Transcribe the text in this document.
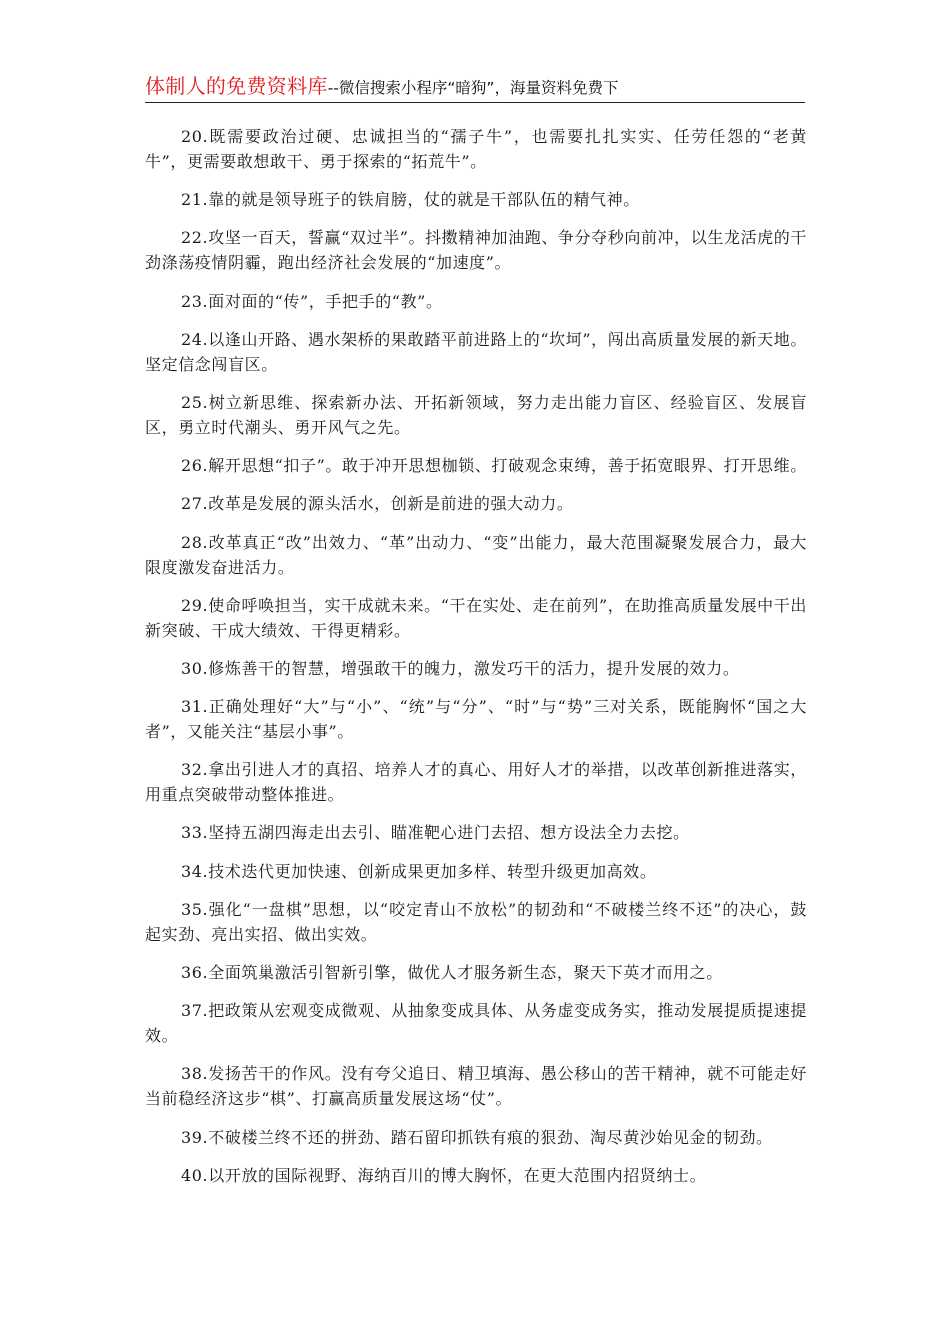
体制人的免费资料库--微信搜索小程序“暗狗”，海量资料免费下

20.既需要政治过硬、忠诚担当的“孺子牛”，也需要扎扎实实、任劳任怨的“老黄牛”，更需要敢想敢干、勇于探索的“拓荒牛”。

21.靠的就是领导班子的铁肩膀，仗的就是干部队伍的精气神。

22.攻坚一百天，誓赢“双过半”。抖擞精神加油跑、争分夺秒向前冲，以生龙活虎的干劲涤荡疫情阴霾，跑出经济社会发展的“加速度”。

23.面对面的“传”，手把手的“教”。

24.以逢山开路、遇水架桥的果敢踏平前进路上的“坎坷”，闯出高质量发展的新天地。坚定信念闯盲区。

25.树立新思维、探索新办法、开拓新领域，努力走出能力盲区、经验盲区、发展盲区，勇立时代潮头、勇开风气之先。

26.解开思想“扣子”。敢于冲开思想枷锁、打破观念束缚，善于拓宽眼界、打开思维。

27.改革是发展的源头活水，创新是前进的强大动力。

28.改革真正“改”出效力、“革”出动力、“变”出能力，最大范围凝聚发展合力，最大限度激发奋进活力。

29.使命呼唤担当，实干成就未来。“干在实处、走在前列”，在助推高质量发展中干出新突破、干成大绩效、干得更精彩。

30.修炼善干的智慧，增强敢干的魄力，激发巧干的活力，提升发展的效力。

31.正确处理好“大”与“小”、“统”与“分”、“时”与“势”三对关系，既能胸怀“国之大者”，又能关注“基层小事”。

32.拿出引进人才的真招、培养人才的真心、用好人才的举措，以改革创新推进落实，用重点突破带动整体推进。

33.坚持五湖四海走出去引、瞄准靶心进门去招、想方设法全力去挖。

34.技术迭代更加快速、创新成果更加多样、转型升级更加高效。

35.强化“一盘棋”思想，以“咬定青山不放松”的韧劲和“不破楼兰终不还”的决心，鼓起实劲、亮出实招、做出实效。

36.全面筑巢激活引智新引擎，做优人才服务新生态，聚天下英才而用之。

37.把政策从宏观变成微观、从抽象变成具体、从务虚变成务实，推动发展提质提速提效。

38.发扬苦干的作风。没有夸父追日、精卫填海、愚公移山的苦干精神，就不可能走好当前稳经济这步“棋”、打赢高质量发展这场“仗”。

39.不破楼兰终不还的拼劲、踏石留印抓铁有痕的狠劲、淘尽黄沙始见金的韧劲。

40.以开放的国际视野、海纳百川的博大胸怀，在更大范围内招贤纳士。
